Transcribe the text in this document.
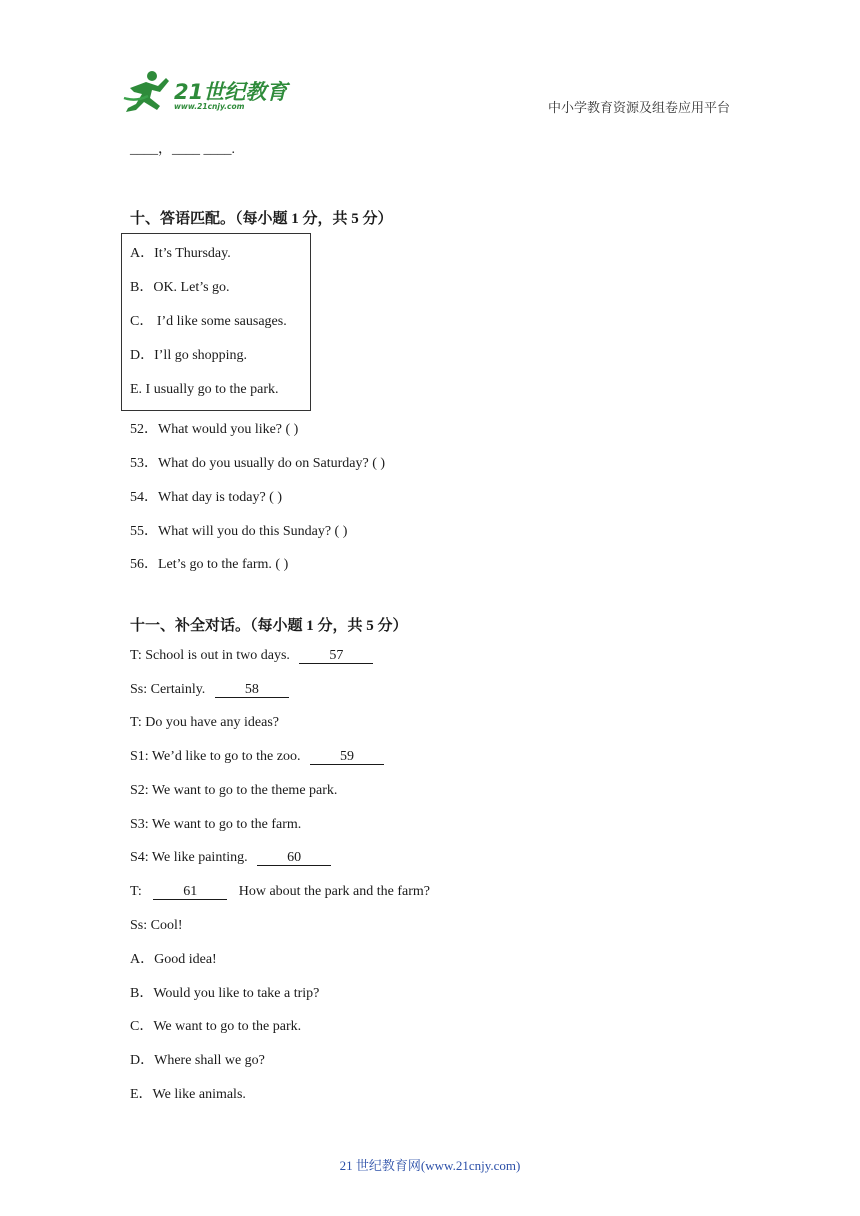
21世纪教育
www.21cnjy.com	中小学教育资源及组卷应用平台
____，____ ____.
十、答语匹配。（每小题 1 分，共 5 分）
A．It’s Thursday.
B．OK. Let’s go.
C． I’d like some sausages.
D．I’ll go shopping.
E. I usually go to the park.
52．What would you like? ( )
53．What do you usually do on Saturday? ( )
54．What day is today? ( )
55．What will you do this Sunday? ( )
56．Let’s go to the farm. ( )
十一、补全对话。（每小题 1 分，共 5 分）
T: School is out in two days.	57
Ss: Certainly.	58
T: Do you have any ideas?
S1: We’d like to go to the zoo.	59
S2: We want to go to the theme park.
S3: We want to go to the farm.
S4: We like painting.	60
T:	61	How about the park and the farm?
Ss: Cool!
A．Good idea!
B．Would you like to take a trip?
C．We want to go to the park.
D．Where shall we go?
E．We like animals.
21 世纪教育网(www.21cnjy.com)
